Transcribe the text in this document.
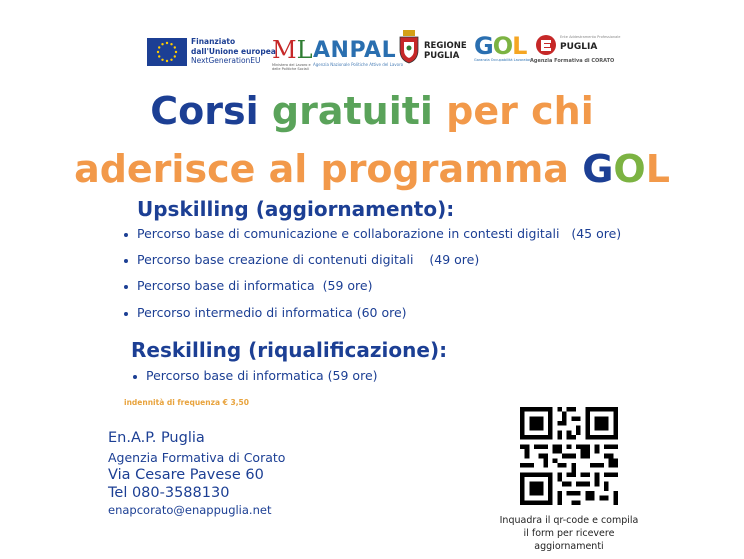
Finanziato
dall'Unione europea
NextGenerationEU ML
Ministero del Lavoro e delle Politiche Sociali
ANPAL
Agenzia Nazionale Politiche Attive del Lavoro
REGIONE
PUGLIA GOL
Garanzia Occupabilità Lavoratori
Ente Addestramento Professionale
PUGLIA
Agenzia Formativa di CORATO
Corsi gratuiti per chi
aderisce al programma GOL
Upskilling (aggiornamento):
Percorso base di comunicazione e collaborazione in contesti digitali   (45 ore)
Percorso base creazione di contenuti digitali    (49 ore)
Percorso base di informatica  (59 ore)
Percorso intermedio di informatica (60 ore)
Reskilling (riqualificazione):
Percorso base di informatica (59 ore)
indennità di frequenza € 3,50
En.A.P. Puglia
Agenzia Formativa di Corato
Via Cesare Pavese 60
Tel 080-3588130
enapcorato@enappuglia.net
Inquadra il qr-code e compila
il form per ricevere
aggiornamenti
